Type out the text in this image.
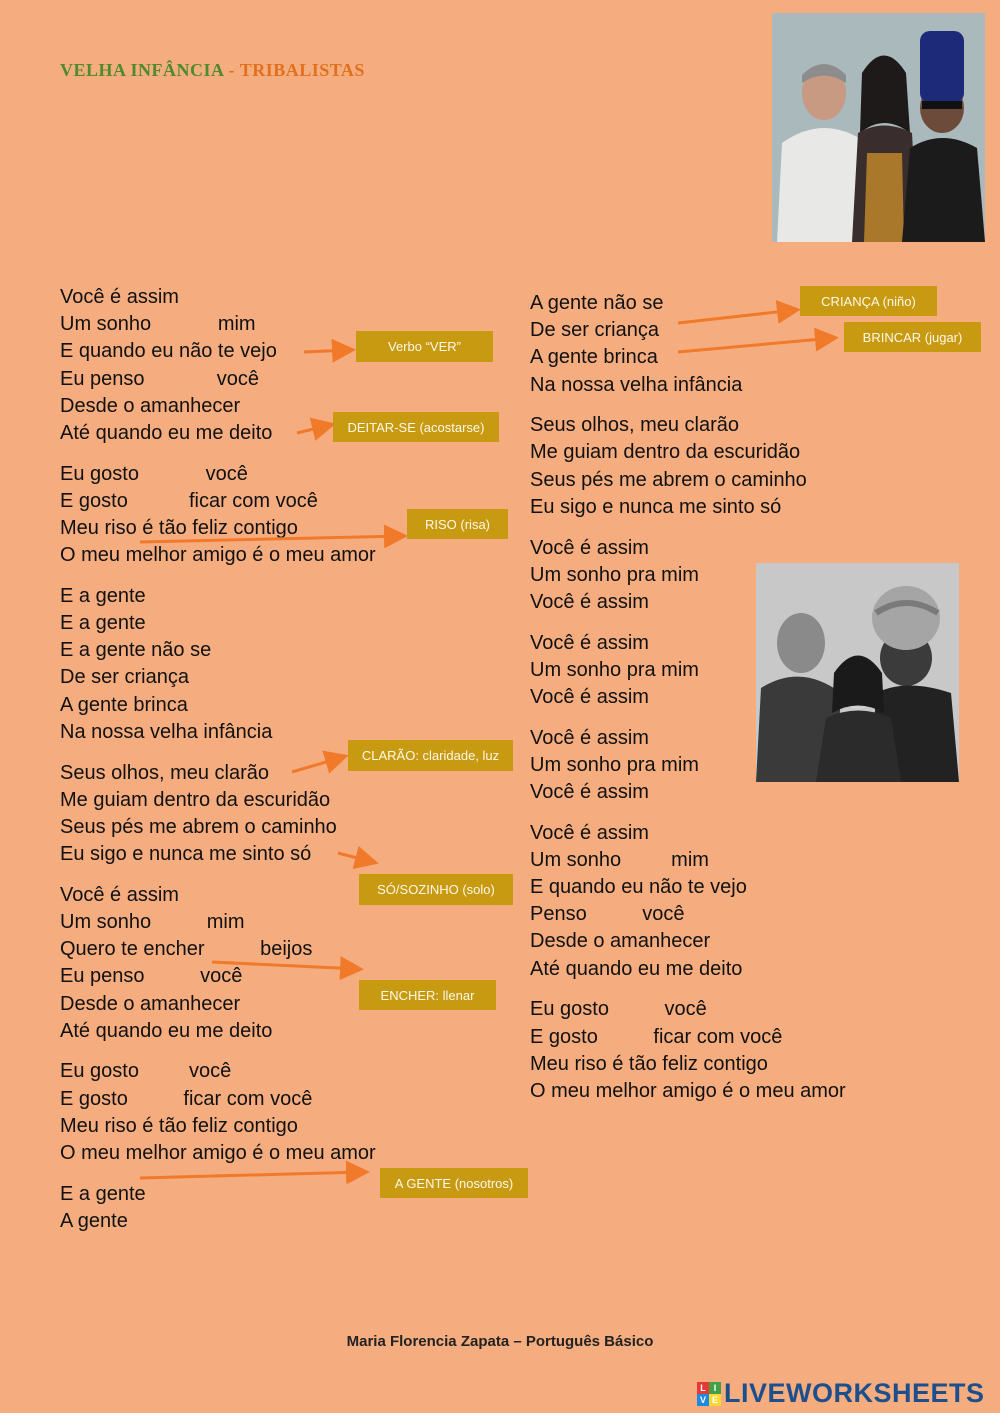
VELHA INFÂNCIA - TRIBALISTAS
Você é assim
Um sonho            mim
E quando eu não te vejo
Eu penso             você
Desde o amanhecer
Até quando eu me deito
Eu gosto            você
E gosto           ficar com você
Meu riso é tão feliz contigo
O meu melhor amigo é o meu amor
E a gente
E a gente
E a gente não se
De ser criança
A gente brinca
Na nossa velha infância
Seus olhos, meu clarão
Me guiam dentro da escuridão
Seus pés me abrem o caminho
Eu sigo e nunca me sinto só
Você é assim
Um sonho          mim
Quero te encher          beijos
Eu penso          você
Desde o amanhecer
Até quando eu me deito
Eu gosto         você
E gosto          ficar com você
Meu riso é tão feliz contigo
O meu melhor amigo é o meu amor
E a gente
A gente
A gente não se
De ser criança
A gente brinca
Na nossa velha infância
Seus olhos, meu clarão
Me guiam dentro da escuridão
Seus pés me abrem o caminho
Eu sigo e nunca me sinto só
Você é assim
Um sonho pra mim
Você é assim
Você é assim
Um sonho pra mim
Você é assim
Você é assim
Um sonho pra mim
Você é assim
Você é assim
Um sonho         mim
E quando eu não te vejo
Penso          você
Desde o amanhecer
Até quando eu me deito
Eu gosto          você
E gosto          ficar com você
Meu riso é tão feliz contigo
O meu melhor amigo é o meu amor
Verbo “VER”
DEITAR-SE (acostarse)
RISO (risa)
CLARÃO: claridade, luz
SÓ/SOZINHO (solo)
ENCHER: llenar
A GENTE (nosotros)
CRIANÇA (niño)
BRINCAR (jugar)
Maria Florencia Zapata – Português Básico
L I
V E LIVEWORKSHEETS
